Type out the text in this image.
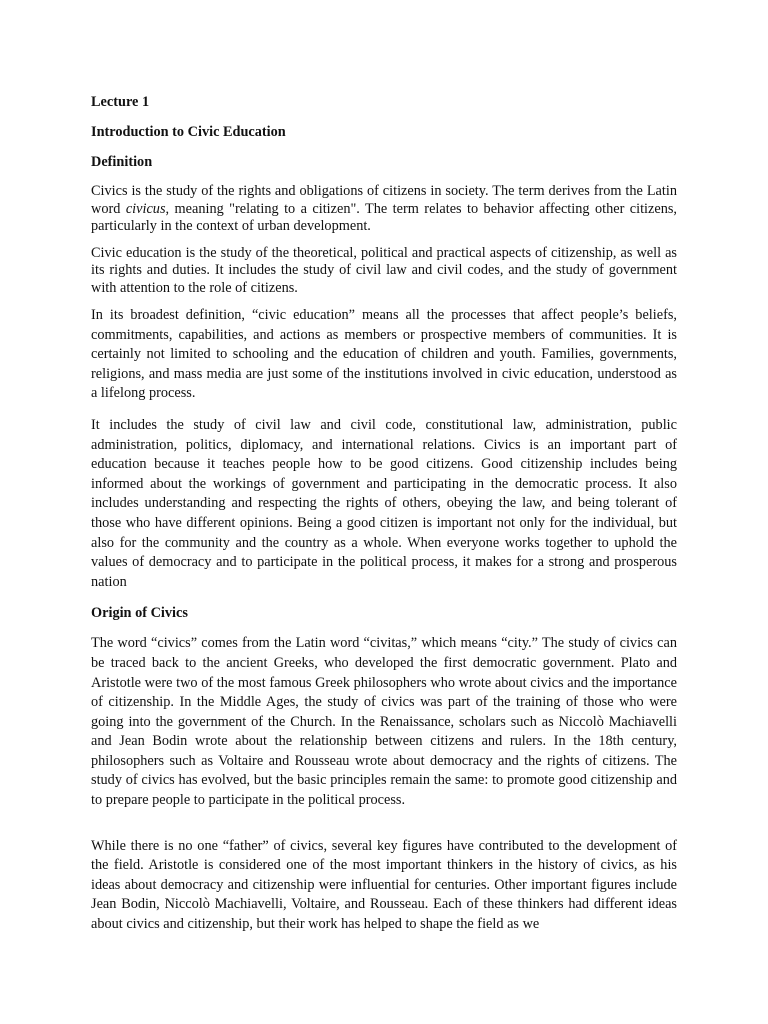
Lecture 1

Introduction to Civic Education

Definition

Civics is the study of the rights and obligations of citizens in society. The term derives from the Latin word civicus, meaning "relating to a citizen". The term relates to behavior affecting other citizens, particularly in the context of urban development.

Civic education is the study of the theoretical, political and practical aspects of citizenship, as well as its rights and duties. It includes the study of civil law and civil codes, and the study of government with attention to the role of citizens.

In its broadest definition, “civic education” means all the processes that affect people’s beliefs, commitments, capabilities, and actions as members or prospective members of communities. It is certainly not limited to schooling and the education of children and youth. Families, governments, religions, and mass media are just some of the institutions involved in civic education, understood as a lifelong process.

It includes the study of civil law and civil code, constitutional law, administration, public administration, politics, diplomacy, and international relations. Civics is an important part of education because it teaches people how to be good citizens. Good citizenship includes being informed about the workings of government and participating in the democratic process. It also includes understanding and respecting the rights of others, obeying the law, and being tolerant of those who have different opinions. Being a good citizen is important not only for the individual, but also for the community and the country as a whole. When everyone works together to uphold the values of democracy and to participate in the political process, it makes for a strong and prosperous nation

Origin of Civics

The word “civics” comes from the Latin word “civitas,” which means “city.” The study of civics can be traced back to the ancient Greeks, who developed the first democratic government. Plato and Aristotle were two of the most famous Greek philosophers who wrote about civics and the importance of citizenship. In the Middle Ages, the study of civics was part of the training of those who were going into the government of the Church. In the Renaissance, scholars such as Niccolò Machiavelli and Jean Bodin wrote about the relationship between citizens and rulers. In the 18th century, philosophers such as Voltaire and Rousseau wrote about democracy and the rights of citizens. The study of civics has evolved, but the basic principles remain the same: to promote good citizenship and to prepare people to participate in the political process.

While there is no one “father” of civics, several key figures have contributed to the development of the field. Aristotle is considered one of the most important thinkers in the history of civics, as his ideas about democracy and citizenship were influential for centuries. Other important figures include Jean Bodin, Niccolò Machiavelli, Voltaire, and Rousseau. Each of these thinkers had different ideas about civics and citizenship, but their work has helped to shape the field as we
